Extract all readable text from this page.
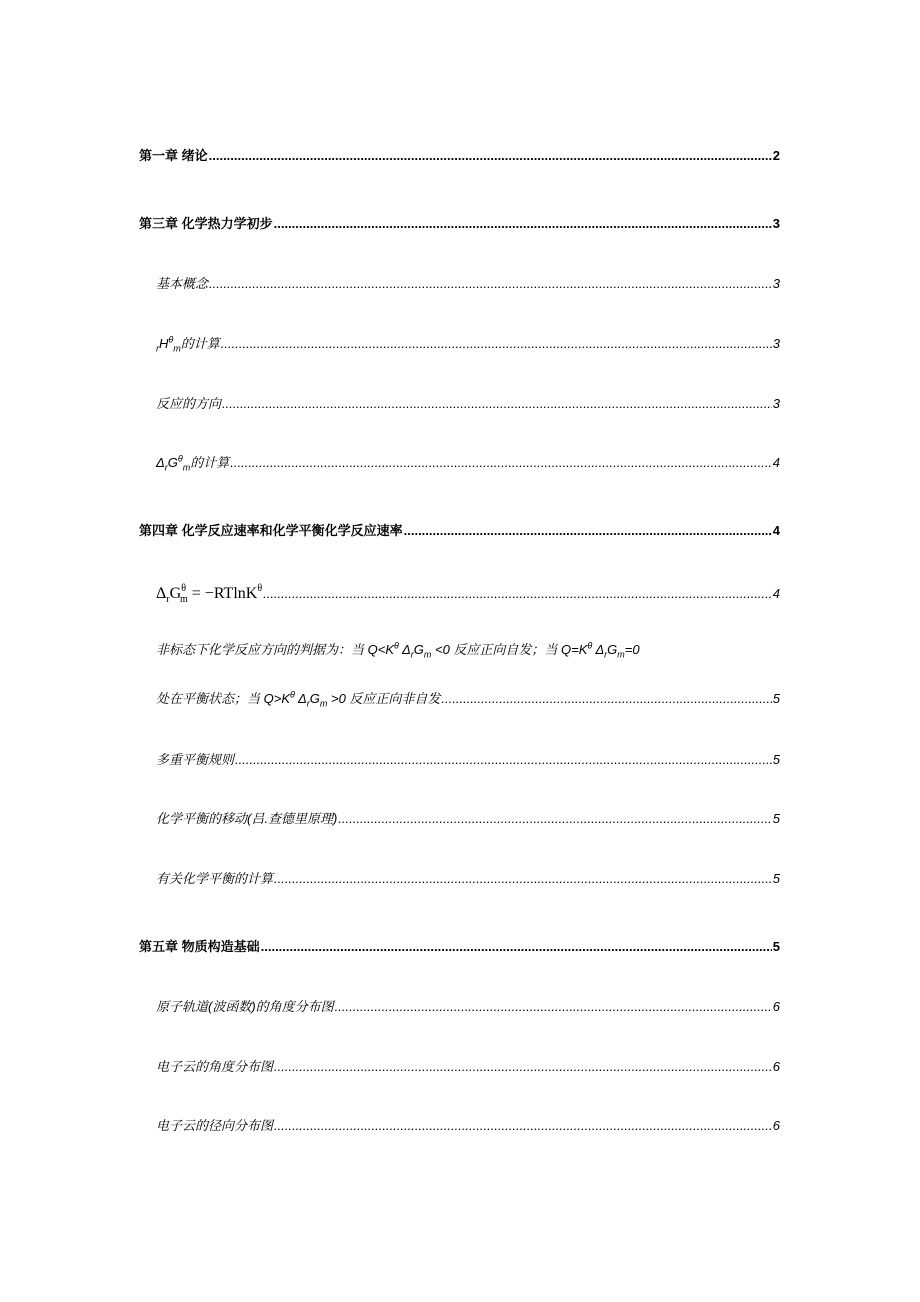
第一章 绪论 .....	2
第三章 化学热力学初步 .....	3
基本概念 .....	3
$_rH^\theta_m$的计算 .....	3
反应的方向 .....	3
$\Delta_rG^\theta_m$的计算 .....	4
第四章 化学反应速率和化学平衡化学反应速率 .....	4
$\Delta_rG^\theta_m = -RTlnK^\theta$ .....	4
非标态下化学反应方向的判据为：当 $Q<K^\theta$ $\Delta_rG_m <0$ 反应正向自发；当 $Q=K^\theta$ $\Delta_rG_m=0$
处在平衡状态；当 $Q>K^\theta$ $\Delta_rG_m >0$ 反应正向非自发 .....	5
多重平衡规则 .....	5
化学平衡的移动(吕.查德里原理) .....	5
有关化学平衡的计算 .....	5
第五章 物质构造基础 .....	5
原子轨道(波函数)的角度分布图 .....	6
电子云的角度分布图 .....	6
电子云的径向分布图 .....	6
